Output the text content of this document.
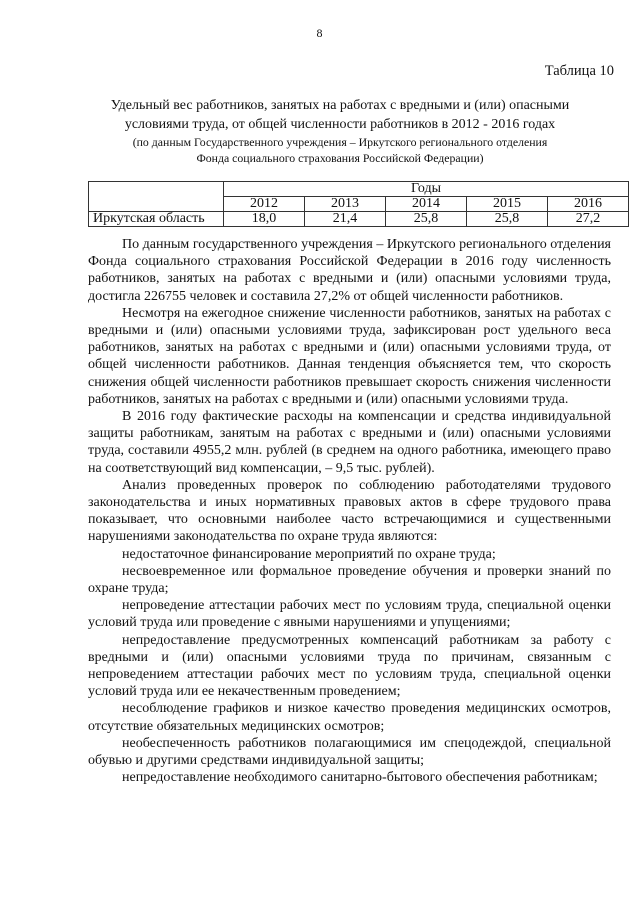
8
Таблица 10
Удельный вес работников, занятых на работах с вредными и (или) опасными
условиями труда, от общей численности работников в 2012 - 2016 годах
(по данным Государственного учреждения – Иркутского регионального отделения
Фонда социального страхования Российской Федерации)
	Годы				
	2012	2013	2014	2015	2016
Иркутская область	18,0	21,4	25,8	25,8	27,2

По данным государственного учреждения – Иркутского регионального отделения Фонда социального страхования Российской Федерации в 2016 году численность работников, занятых на работах с вредными и (или) опасными условиями труда, достигла 226755 человек и составила 27,2% от общей численности работников.

Несмотря на ежегодное снижение численности работников, занятых на работах с вредными и (или) опасными условиями труда, зафиксирован рост удельного веса работников, занятых на работах с вредными и (или) опасными условиями труда, от общей численности работников. Данная тенденция объясняется тем, что скорость снижения общей численности работников превышает скорость снижения численности работников, занятых на работах с вредными и (или) опасными условиями труда.

В 2016 году фактические расходы на компенсации и средства индивидуальной защиты работникам, занятым на работах с вредными и (или) опасными условиями труда, составили 4955,2 млн. рублей (в среднем на одного работника, имеющего право на соответствующий вид компенсации, – 9,5 тыс. рублей).

Анализ проведенных проверок по соблюдению работодателями трудового законодательства и иных нормативных правовых актов в сфере трудового права показывает, что основными наиболее часто встречающимися и существенными нарушениями законодательства по охране труда являются:

недостаточное финансирование мероприятий по охране труда;

несвоевременное или формальное проведение обучения и проверки знаний по охране труда;

непроведение аттестации рабочих мест по условиям труда, специальной оценки условий труда или проведение с явными нарушениями и упущениями;

непредоставление предусмотренных компенсаций работникам за работу с вредными и (или) опасными условиями труда по причинам, связанным с непроведением аттестации рабочих мест по условиям труда, специальной оценки условий труда или ее некачественным проведением;

несоблюдение графиков и низкое качество проведения медицинских осмотров, отсутствие обязательных медицинских осмотров;

необеспеченность работников полагающимися им спецодеждой, специальной обувью и другими средствами индивидуальной защиты;

непредоставление необходимого санитарно-бытового обеспечения работникам;
